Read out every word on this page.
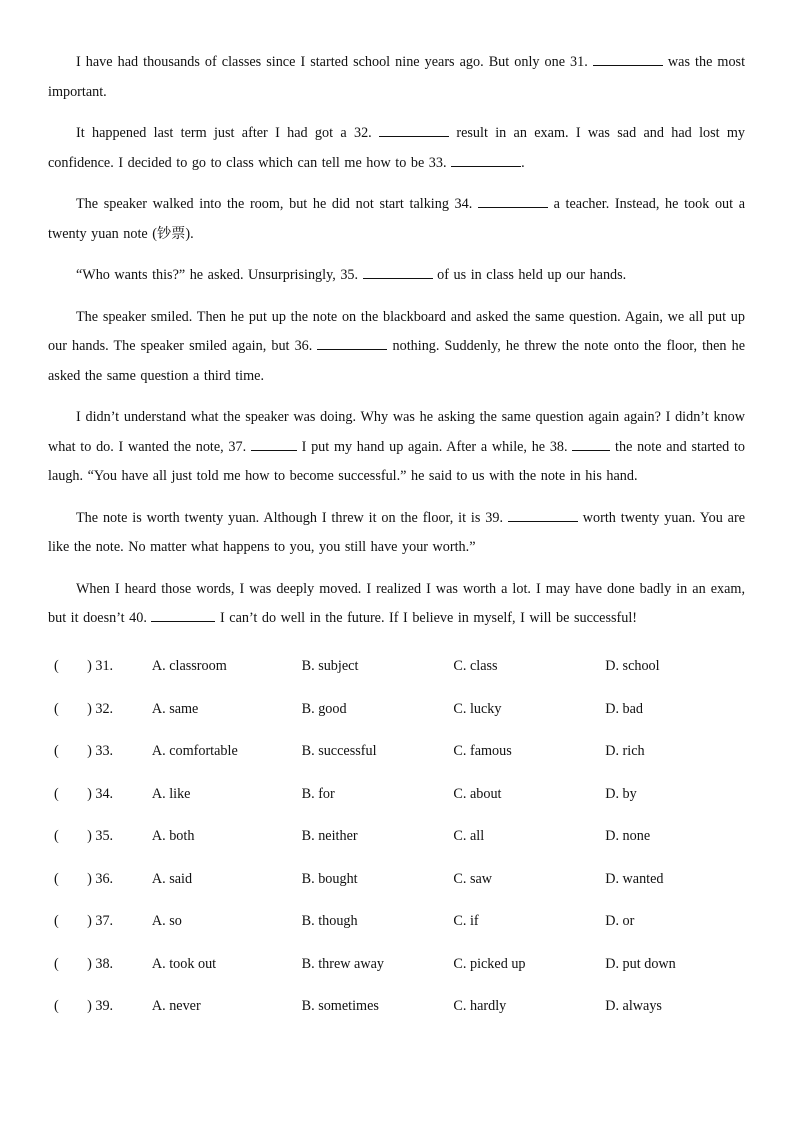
I have had thousands of classes since I started school nine years ago. But only one 31.	was the most important.

It happened last term just after I had got a 32.	result in an exam. I was sad and had lost my confidence. I decided to go to class which can tell me how to be 33.	.

The speaker walked into the room, but he did not start talking 34.	a teacher. Instead, he took out a twenty yuan note (钞票).

“Who wants this?” he asked. Unsurprisingly, 35.	of us in class held up our hands.

The speaker smiled. Then he put up the note on the blackboard and asked the same question. Again, we all put up our hands. The speaker smiled again, but 36.	nothing. Suddenly, he threw the note onto the floor, then he asked the same question a third time.

I didn’t understand what the speaker was doing. Why was he asking the same question again again? I didn’t know what to do. I wanted the note, 37.	I put my hand up again. After a while, he 38.	the note and started to laugh. “You have all just told me how to become successful.” he said to us with the note in his hand.

The note is worth twenty yuan. Although I threw it on the floor, it is 39.	worth twenty yuan. You are like the note. No matter what happens to you, you still have your worth.”

When I heard those words, I was deeply moved. I realized I was worth a lot. I may have done badly in an exam, but it doesn’t 40.	I can’t do well in the future. If I believe in myself, I will be successful!

(        ) 31.	A. classroom	B. subject	C. class	D. school
(        ) 32.	A. same	B. good	C. lucky	D. bad
(        ) 33.	A. comfortable	B. successful	C. famous	D. rich
(        ) 34.	A. like	B. for	C. about	D. by
(        ) 35.	A. both	B. neither	C. all	D. none
(        ) 36.	A. said	B. bought	C. saw	D. wanted
(        ) 37.	A. so	B. though	C. if	D. or
(        ) 38.	A. took out	B. threw away	C. picked up	D. put down
(        ) 39.	A. never	B. sometimes	C. hardly	D. always
